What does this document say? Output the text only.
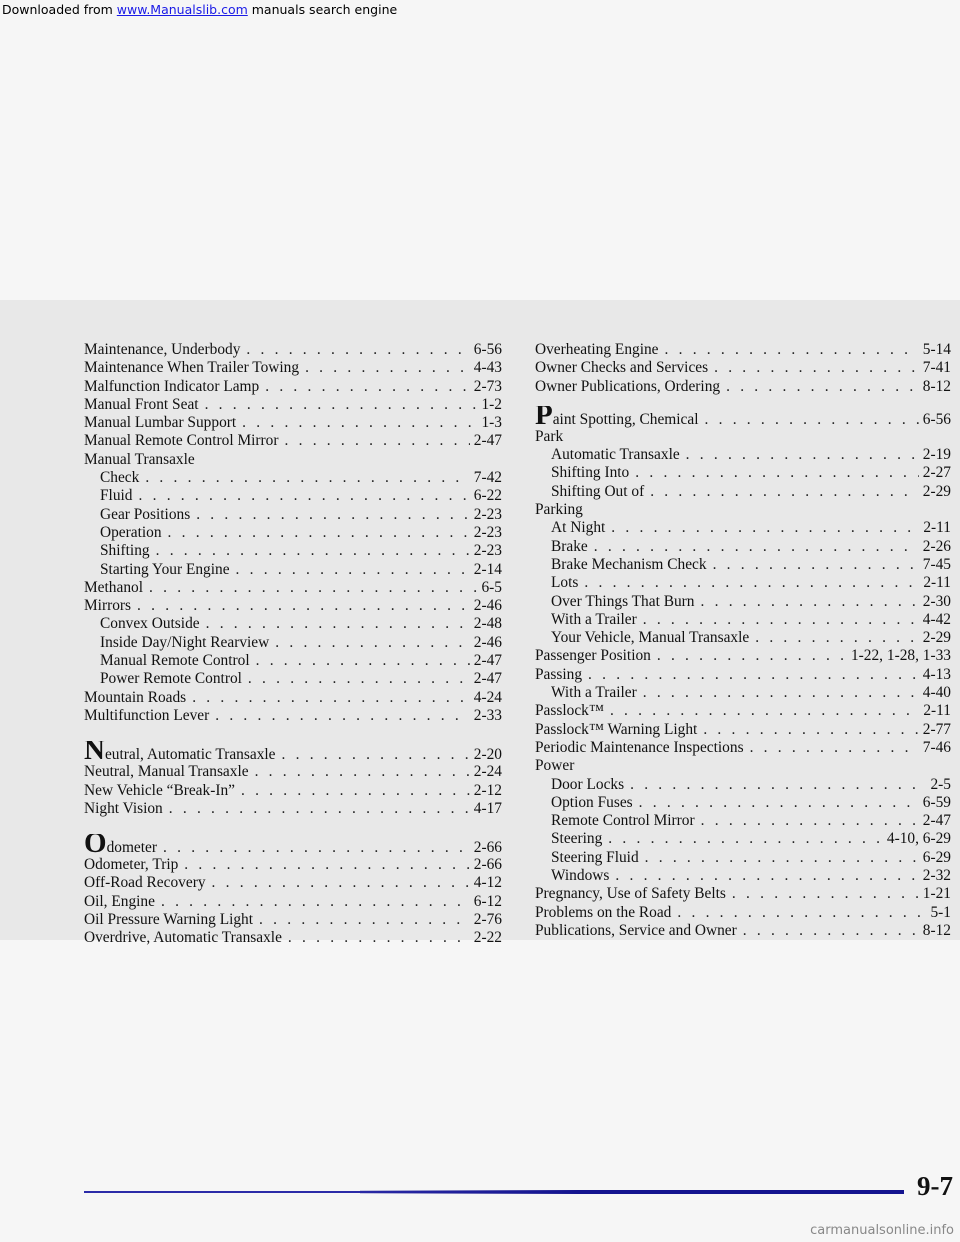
Downloaded from www.Manualslib.com manuals search engine
Maintenance, Underbody . . .	6-56
Maintenance When Trailer Towing . . .	4-43
Malfunction Indicator Lamp . . .	2-73
Manual Front Seat . . .	1-2
Manual Lumbar Support . . .	1-3
Manual Remote Control Mirror . . .	2-47
Manual Transaxle
Check . . .	7-42
Fluid . . .	6-22
Gear Positions . . .	2-23
Operation . . .	2-23
Shifting . . .	2-23
Starting Your Engine . . .	2-14
Methanol . . .	6-5
Mirrors . . .	2-46
Convex Outside . . .	2-48
Inside Day/Night Rearview . . .	2-46
Manual Remote Control . . .	2-47
Power Remote Control . . .	2-47
Mountain Roads . . .	4-24
Multifunction Lever . . .	2-33
N eutral, Automatic Transaxle . . .	2-20
Neutral, Manual Transaxle . . .	2-24
New Vehicle “Break-In” . . .	2-12
Night Vision . . .	4-17
O dometer . . .	2-66
Odometer, Trip . . .	2-66
Off-Road Recovery . . .	4-12
Oil, Engine . . .	6-12
Oil Pressure Warning Light . . .	2-76
Overdrive, Automatic Transaxle . . .	2-22
Overheating Engine . . .	5-14
Owner Checks and Services . . .	7-41
Owner Publications, Ordering . . .	8-12
P aint Spotting, Chemical . . .	6-56
Park
Automatic Transaxle . . .	2-19
Shifting Into . . .	2-27
Shifting Out of . . .	2-29
Parking
At Night . . .	2-11
Brake . . .	2-26
Brake Mechanism Check . . .	7-45
Lots . . .	2-11
Over Things That Burn . . .	2-30
With a Trailer . . .	4-42
Your Vehicle, Manual Transaxle . . .	2-29
Passenger Position . . .	1-22, 1-28, 1-33
Passing . . .	4-13
With a Trailer . . .	4-40
Passlock™ . . .	2-11
Passlock™ Warning Light . . .	2-77
Periodic Maintenance Inspections . . .	7-46
Power
Door Locks . . .	2-5
Option Fuses . . .	6-59
Remote Control Mirror . . .	2-47
Steering . . .	4-10, 6-29
Steering Fluid . . .	6-29
Windows . . .	2-32
Pregnancy, Use of Safety Belts . . .	1-21
Problems on the Road . . .	5-1
Publications, Service and Owner . . .	8-12
9-7
carmanualsonline.info
